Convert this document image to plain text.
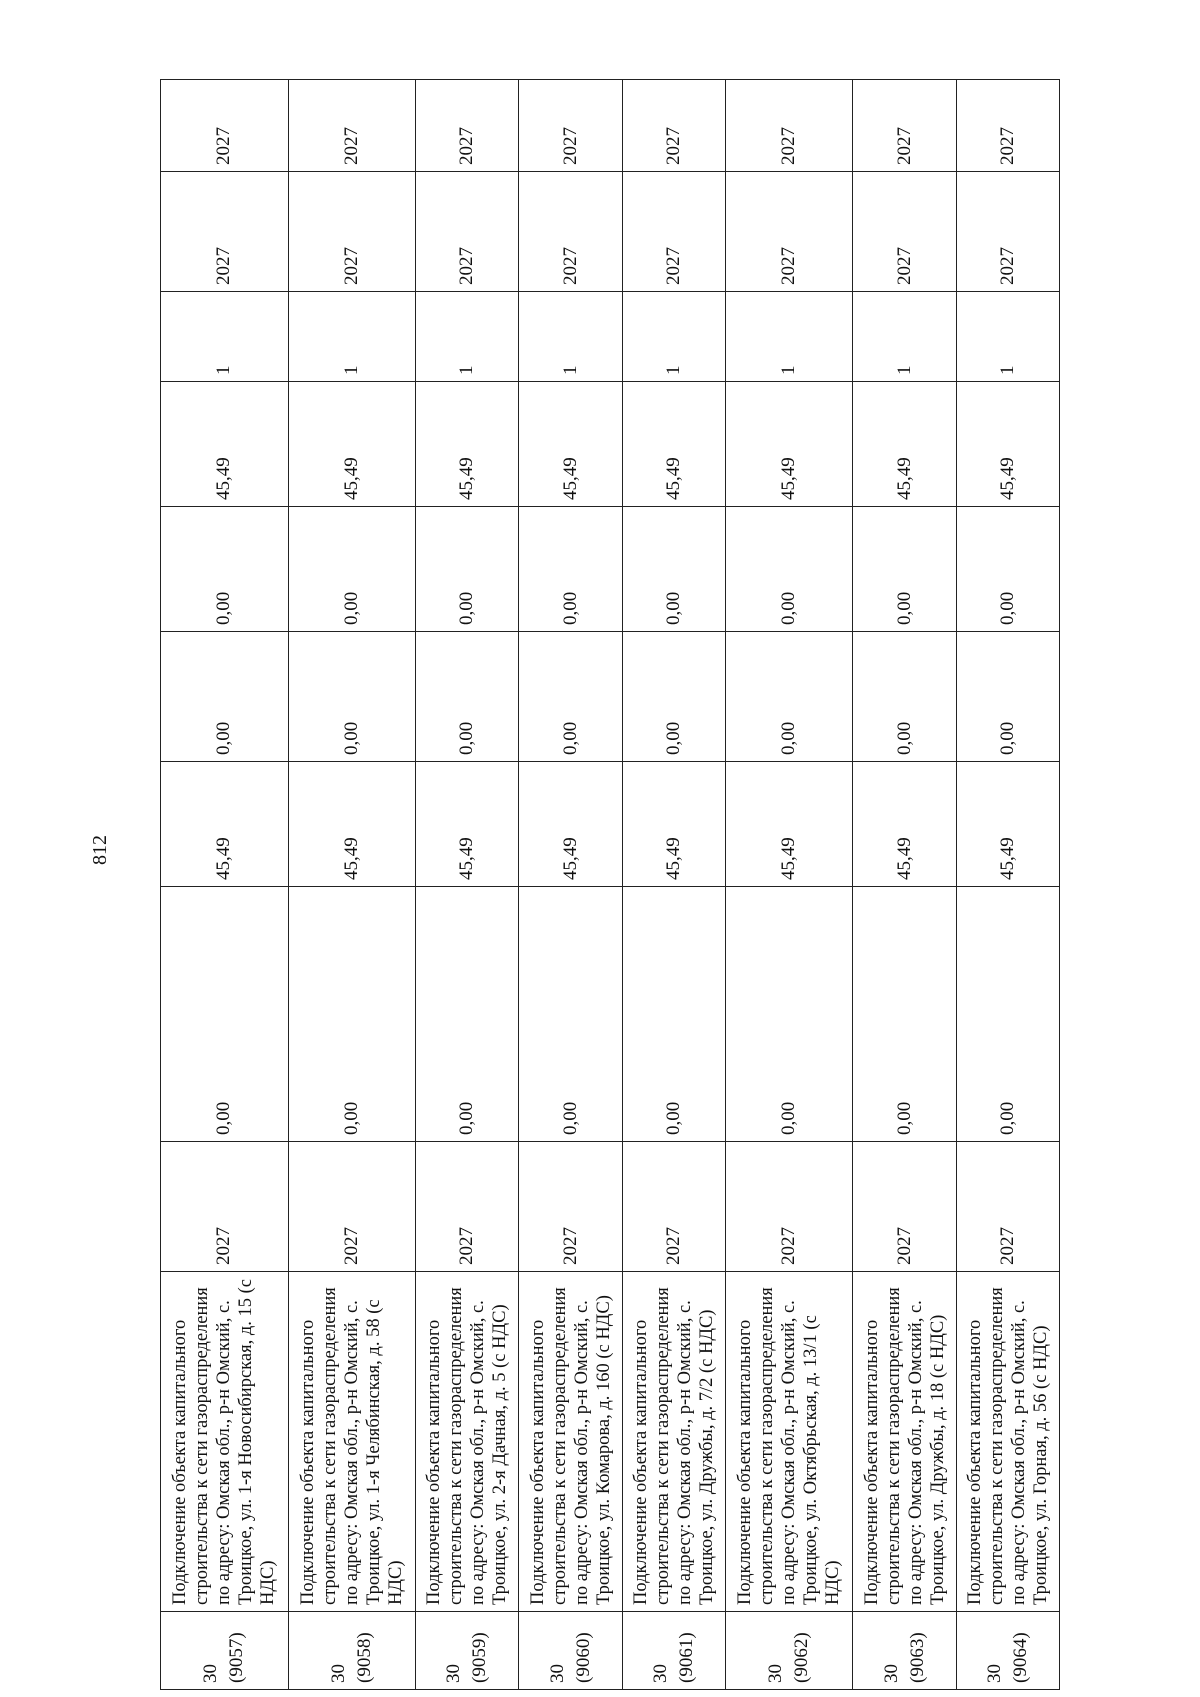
812
30 (9057)	Подключение объекта капитального строительства к сети газораспределения по адресу: Омская обл., р-н Омский, с. Троицкое, ул. 1-я Новосибирская, д. 15 (с НДС)	2027	0,00	45,49	0,00	0,00	45,49	1	2027	2027

30 (9058)	Подключение объекта капитального строительства к сети газораспределения по адресу: Омская обл., р-н Омский, с. Троицкое, ул. 1-я Челябинская, д. 58 (с НДС)	2027	0,00	45,49	0,00	0,00	45,49	1	2027	2027

30 (9059)	Подключение объекта капитального строительства к сети газораспределения по адресу: Омская обл., р-н Омский, с. Троицкое, ул. 2-я Дачная, д. 5 (с НДС)	2027	0,00	45,49	0,00	0,00	45,49	1	2027	2027

30 (9060)	Подключение объекта капитального строительства к сети газораспределения по адресу: Омская обл., р-н Омский, с. Троицкое, ул. Комарова, д. 160 (с НДС)	2027	0,00	45,49	0,00	0,00	45,49	1	2027	2027

30 (9061)	Подключение объекта капитального строительства к сети газораспределения по адресу: Омская обл., р-н Омский, с. Троицкое, ул. Дружбы, д. 7/2 (с НДС)	2027	0,00	45,49	0,00	0,00	45,49	1	2027	2027

30 (9062)	Подключение объекта капитального строительства к сети газораспределения по адресу: Омская обл., р-н Омский, с. Троицкое, ул. Октябрьская, д. 13/1 (с НДС)	2027	0,00	45,49	0,00	0,00	45,49	1	2027	2027

30 (9063)	Подключение объекта капитального строительства к сети газораспределения по адресу: Омская обл., р-н Омский, с. Троицкое, ул. Дружбы, д. 18 (с НДС)	2027	0,00	45,49	0,00	0,00	45,49	1	2027	2027

30 (9064)	Подключение объекта капитального строительства к сети газораспределения по адресу: Омская обл., р-н Омский, с. Троицкое, ул. Горная, д. 56 (с НДС)	2027	0,00	45,49	0,00	0,00	45,49	1	2027	2027
